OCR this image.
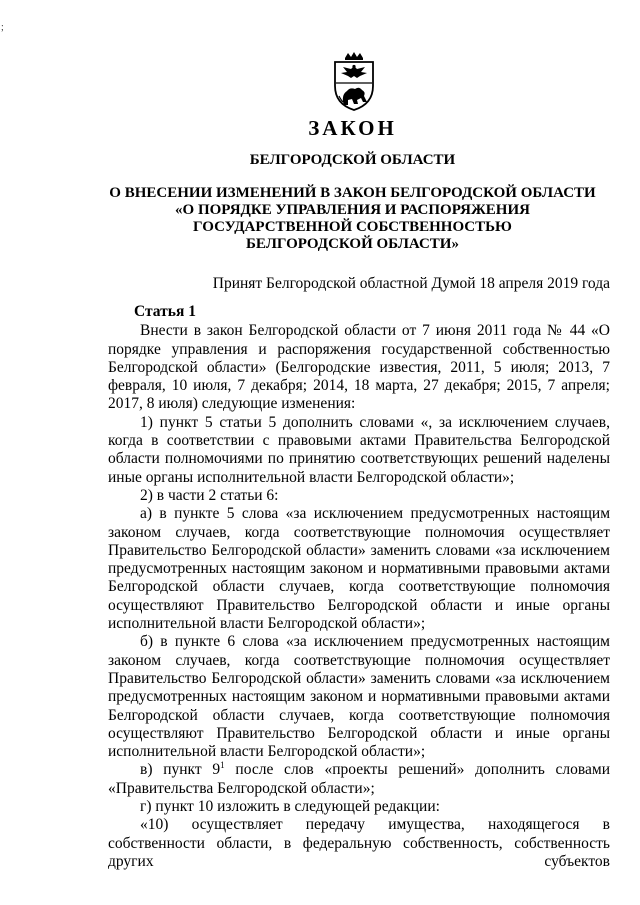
;
ЗАКОН
БЕЛГОРОДСКОЙ ОБЛАСТИ
О ВНЕСЕНИИ ИЗМЕНЕНИЙ В ЗАКОН БЕЛГОРОДСКОЙ ОБЛАСТИ
«О ПОРЯДКЕ УПРАВЛЕНИЯ И РАСПОРЯЖЕНИЯ
ГОСУДАРСТВЕННОЙ СОБСТВЕННОСТЬЮ
БЕЛГОРОДСКОЙ ОБЛАСТИ»
Принят Белгородской областной Думой 18 апреля 2019 года

Статья 1

Внести в закон Белгородской области от 7 июня 2011 года № 44 «О порядке управления и распоряжения государственной собственностью Белгородской области» (Белгородские известия, 2011, 5 июля; 2013, 7 февраля, 10 июля, 7 декабря; 2014, 18 марта, 27 декабря; 2015, 7 апреля; 2017, 8 июля) следующие изменения:

1) пункт 5 статьи 5 дополнить словами «, за исключением случаев, когда в соответствии с правовыми актами Правительства Белгородской области полномочиями по принятию соответствующих решений наделены иные органы исполнительной власти Белгородской области»;

2) в части 2 статьи 6:

а) в пункте 5 слова «за исключением предусмотренных настоящим законом случаев, когда соответствующие полномочия осуществляет Правительство Белгородской области» заменить словами «за исключением предусмотренных настоящим законом и нормативными правовыми актами Белгородской области случаев, когда соответствующие полномочия осуществляют Правительство Белгородской области и иные органы исполнительной власти Белгородской области»;

б) в пункте 6 слова «за исключением предусмотренных настоящим законом случаев, когда соответствующие полномочия осуществляет Правительство Белгородской области» заменить словами «за исключением предусмотренных настоящим законом и нормативными правовыми актами Белгородской области случаев, когда соответствующие полномочия осуществляют Правительство Белгородской области и иные органы исполнительной власти Белгородской области»;

в) пункт $9^1$ после слов «проекты решений» дополнить словами «Правительства Белгородской области»;

г) пункт 10 изложить в следующей редакции:

«10) осуществляет передачу имущества, находящегося в собственности области, в федеральную собственность, собственность других субъектов
